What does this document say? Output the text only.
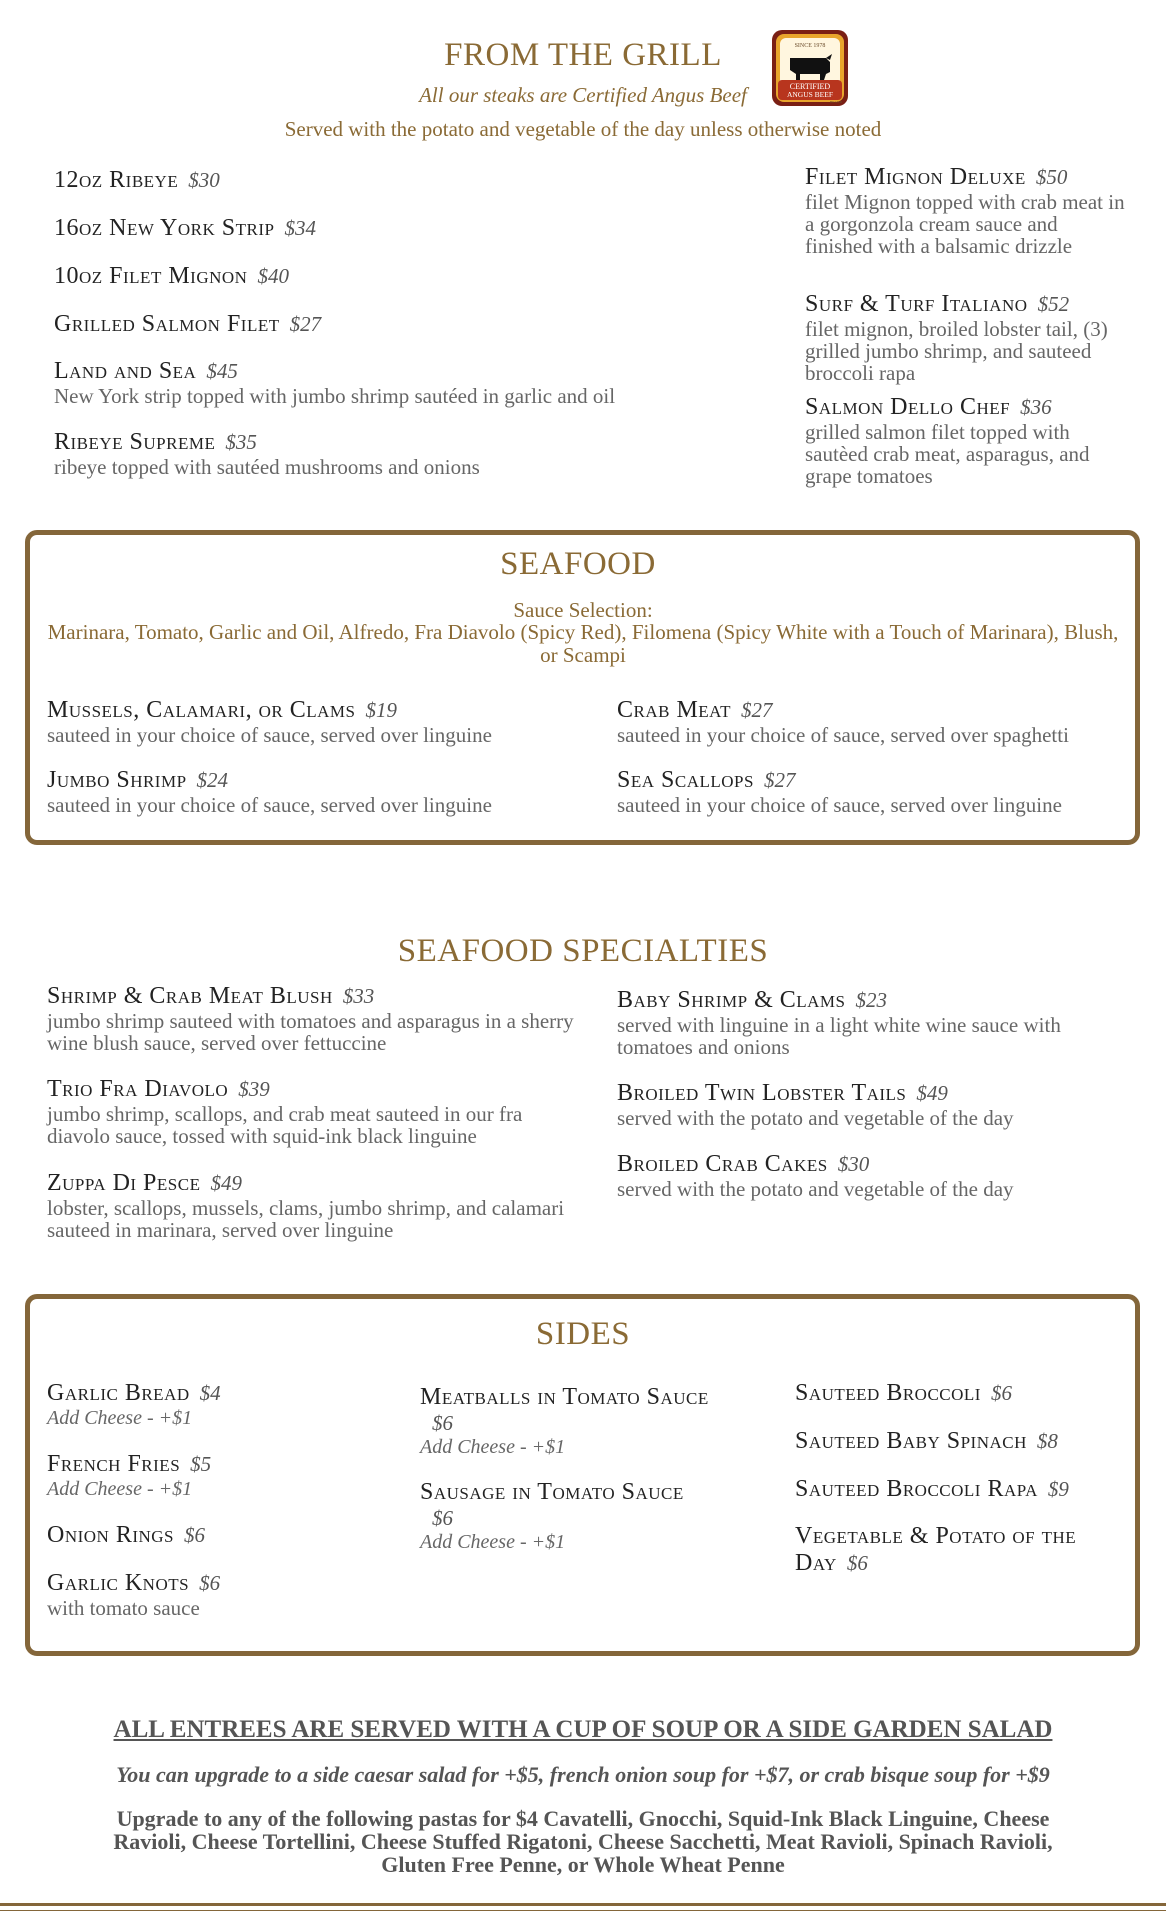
FROM THE GRILL
All our steaks are Certified Angus Beef
Served with the potato and vegetable of the day unless otherwise noted
SINCE 1978
CERTIFIED
ANGUS BEEF
BRAND
12oz Ribeye $30
16oz New York Strip $34
10oz Filet Mignon $40
Grilled Salmon Filet $27
Land and Sea $45
New York strip topped with jumbo shrimp sautéed in garlic and oil
Ribeye Supreme $35
ribeye topped with sautéed mushrooms and onions
Filet Mignon Deluxe $50
filet Mignon topped with crab meat in a gorgonzola cream sauce and finished with a balsamic drizzle
Surf & Turf Italiano $52
filet mignon, broiled lobster tail, (3) grilled jumbo shrimp, and sauteed broccoli rapa
Salmon Dello Chef $36
grilled salmon filet topped with sautèed crab meat, asparagus, and grape tomatoes
SEAFOOD
Sauce Selection:
Marinara, Tomato, Garlic and Oil, Alfredo, Fra Diavolo (Spicy Red), Filomena (Spicy White with a Touch of Marinara), Blush, or Scampi
Mussels, Calamari, or Clams $19
sauteed in your choice of sauce, served over linguine
Crab Meat $27
sauteed in your choice of sauce, served over spaghetti
Jumbo Shrimp $24
sauteed in your choice of sauce, served over linguine
Sea Scallops $27
sauteed in your choice of sauce, served over linguine
SEAFOOD SPECIALTIES
Shrimp & Crab Meat Blush $33
jumbo shrimp sauteed with tomatoes and asparagus in a sherry wine blush sauce, served over fettuccine
Trio Fra Diavolo $39
jumbo shrimp, scallops, and crab meat sauteed in our fra diavolo sauce, tossed with squid-ink black linguine
Zuppa Di Pesce $49
lobster, scallops, mussels, clams, jumbo shrimp, and calamari sauteed in marinara, served over linguine
Baby Shrimp & Clams $23
served with linguine in a light white wine sauce with tomatoes and onions
Broiled Twin Lobster Tails $49
served with the potato and vegetable of the day
Broiled Crab Cakes $30
served with the potato and vegetable of the day
SIDES
Garlic Bread $4
Add Cheese - +$1
French Fries $5
Add Cheese - +$1
Onion Rings $6
Garlic Knots $6
with tomato sauce
Meatballs in Tomato Sauce
$6
Add Cheese - +$1
Sausage in Tomato Sauce
$6
Add Cheese - +$1
Sauteed Broccoli $6
Sauteed Baby Spinach $8
Sauteed Broccoli Rapa $9
Vegetable & Potato of the Day $6
ALL ENTREES ARE SERVED WITH A CUP OF SOUP OR A SIDE GARDEN SALAD
You can upgrade to a side caesar salad for +$5, french onion soup for +$7, or crab bisque soup for +$9
Upgrade to any of the following pastas for $4 Cavatelli, Gnocchi, Squid-Ink Black Linguine, Cheese Ravioli, Cheese Tortellini, Cheese Stuffed Rigatoni, Cheese Sacchetti, Meat Ravioli, Spinach Ravioli, Gluten Free Penne, or Whole Wheat Penne
